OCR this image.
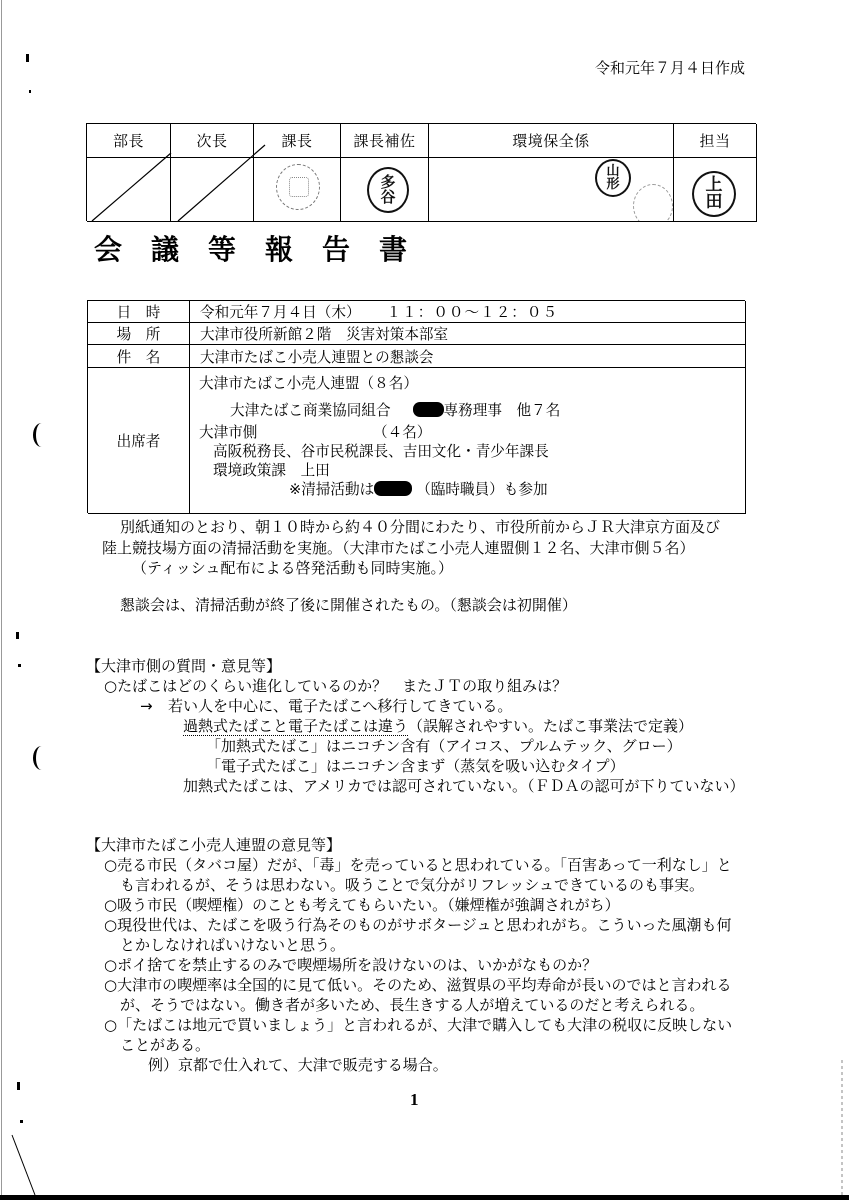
令和元年７月４日作成
部長	次長	課長	課長補佐	環境保全係	担当
多
谷
山
形	上
田
会議等報告書
日　時	令和元年７月４日（木） １１：００～１２：０５
場　所	大津市役所新館２階　災害対策本部室
件　名	大津市たばこ小売人連盟との懇談会
出席者
大津市たばこ小売人連盟（８名）
大津たばこ商業協同組合	専務理事　他７名
大津市側	（４名）
高阪税務長、谷市民税課長、吉田文化・青少年課長
環境政策課　上田
※清掃活動は	（臨時職員）も参加
別紙通知のとおり、朝１０時から約４０分間にわたり、市役所前からＪＲ大津京方面及び
陸上競技場方面の清掃活動を実施。（大津市たばこ小売人連盟側１２名、大津市側５名）
（ティッシュ配布による啓発活動も同時実施。）
懇談会は、清掃活動が終了後に開催されたもの。（懇談会は初開催）
【大津市側の質問・意見等】
○たばこはどのくらい進化しているのか？　またＪＴの取り組みは？
→ 若い人を中心に、電子たばこへ移行してきている。
過熱式たばこと電子たばこは違う（誤解されやすい。たばこ事業法で定義）
「加熱式たばこ」はニコチン含有（アイコス、プルムテック、グロー）
「電子式たばこ」はニコチン含まず（蒸気を吸い込むタイプ）
加熱式たばこは、アメリカでは認可されていない。（ＦＤＡの認可が下りていない）
【大津市たばこ小売人連盟の意見等】
○売る市民（タバコ屋）だが、「毒」を売っていると思われている。「百害あって一利なし」と
も言われるが、そうは思わない。吸うことで気分がリフレッシュできているのも事実。
○吸う市民（喫煙権）のことも考えてもらいたい。（嫌煙権が強調されがち）
○現役世代は、たばこを吸う行為そのものがサボタージュと思われがち。こういった風潮も何
とかしなければいけないと思う。
○ポイ捨てを禁止するのみで喫煙場所を設けないのは、いかがなものか？
○大津市の喫煙率は全国的に見て低い。そのため、滋賀県の平均寿命が長いのではと言われる
が、そうではない。働き者が多いため、長生きする人が増えているのだと考えられる。
○「たばこは地元で買いましょう」と言われるが、大津で購入しても大津の税収に反映しない
ことがある。
例）京都で仕入れて、大津で販売する場合。
1
